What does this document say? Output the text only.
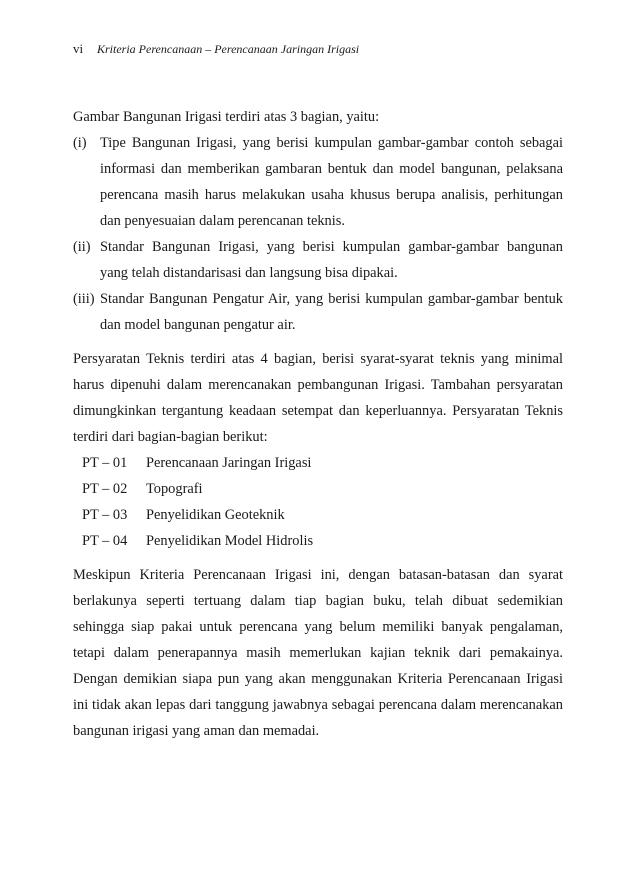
vi Kriteria Perencanaan – Perencanaan Jaringan Irigasi

Gambar Bangunan Irigasi terdiri atas 3 bagian, yaitu:

(i) Tipe Bangunan Irigasi, yang berisi kumpulan gambar-gambar contoh sebagai informasi dan memberikan gambaran bentuk dan model bangunan, pelaksana perencana masih harus melakukan usaha khusus berupa analisis, perhitungan dan penyesuaian dalam perencanan teknis.
(ii) Standar Bangunan Irigasi, yang berisi kumpulan gambar-gambar bangunan yang telah distandarisasi dan langsung bisa dipakai.
(iii) Standar Bangunan Pengatur Air, yang berisi kumpulan gambar-gambar bentuk dan model bangunan pengatur air.

Persyaratan Teknis terdiri atas 4 bagian, berisi syarat-syarat teknis yang minimal harus dipenuhi dalam merencanakan pembangunan Irigasi. Tambahan persyaratan dimungkinkan tergantung keadaan setempat dan keperluannya. Persyaratan Teknis terdiri dari bagian-bagian berikut:

PT – 01	Perencanaan Jaringan Irigasi
PT – 02	Topografi
PT – 03	Penyelidikan Geoteknik
PT – 04	Penyelidikan Model Hidrolis

Meskipun Kriteria Perencanaan Irigasi ini, dengan batasan-batasan dan syarat berlakunya seperti tertuang dalam tiap bagian buku, telah dibuat sedemikian sehingga siap pakai untuk perencana yang belum memiliki banyak pengalaman, tetapi dalam penerapannya masih memerlukan kajian teknik dari pemakainya. Dengan demikian siapa pun yang akan menggunakan Kriteria Perencanaan Irigasi ini tidak akan lepas dari tanggung jawabnya sebagai perencana dalam merencanakan bangunan irigasi yang aman dan memadai.
